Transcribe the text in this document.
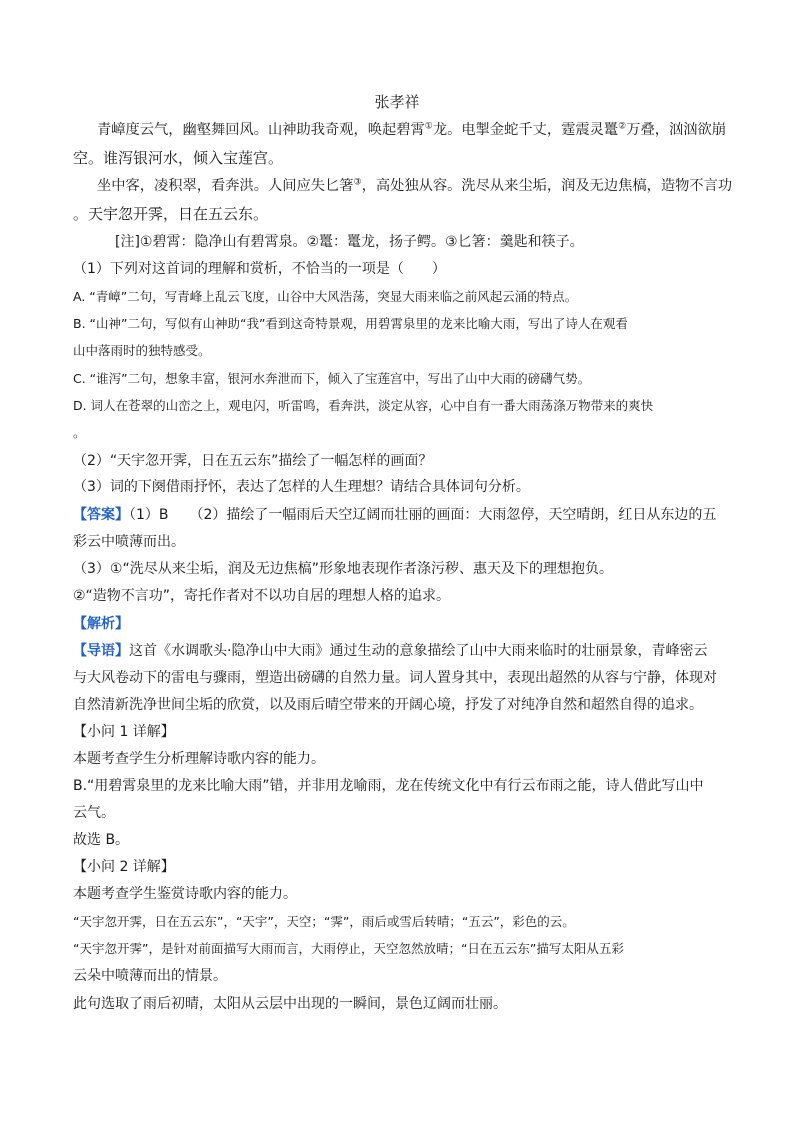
张孝祥
青嶂度云气，幽壑舞回风。山神助我奇观，唤起碧霄①龙。电掣金蛇千丈，霆震灵鼍②万叠，汹汹欲崩
空。谁泻银河水，倾入宝莲宫。
坐中客，凌积翠，看奔洪。人间应失匕箸③，高处独从容。洗尽从来尘垢，润及无边焦槁，造物不言功
。天宇忽开霁，日在五云东。
[注]①碧霄：隐净山有碧霄泉。②鼍：鼍龙，扬子鳄。③匕箸：羹匙和筷子。
（1）下列对这首词的理解和赏析，不恰当的一项是（　　）
A. “青嶂”二句，写青峰上乱云飞度，山谷中大风浩荡，突显大雨来临之前风起云涌的特点。
B. “山神”二句，写似有山神助“我”看到这奇特景观，用碧霄泉里的龙来比喻大雨，写出了诗人在观看
山中落雨时的独特感受。
C. “谁泻”二句，想象丰富，银河水奔泄而下，倾入了宝莲宫中，写出了山中大雨的磅礴气势。
D. 词人在苍翠的山峦之上，观电闪，听雷鸣，看奔洪，淡定从容，心中自有一番大雨荡涤万物带来的爽快
。
（2）“天宇忽开霁，日在五云东”描绘了一幅怎样的画面？
（3）词的下阕借雨抒怀，表达了怎样的人生理想？请结合具体词句分析。
【答案】（1）B　　（2）描绘了一幅雨后天空辽阔而壮丽的画面：大雨忽停，天空晴朗，红日从东边的五
彩云中喷薄而出。
（3）①“洗尽从来尘垢，润及无边焦槁”形象地表现作者涤污秽、惠天及下的理想抱负。
②“造物不言功”，寄托作者对不以功自居的理想人格的追求。
【解析】
【导语】这首《水调歌头·隐净山中大雨》通过生动的意象描绘了山中大雨来临时的壮丽景象，青峰密云
与大风卷动下的雷电与骤雨，塑造出磅礴的自然力量。词人置身其中，表现出超然的从容与宁静，体现对
自然清新洗净世间尘垢的欣赏，以及雨后晴空带来的开阔心境，抒发了对纯净自然和超然自得的追求。
【小问 1 详解】
本题考查学生分析理解诗歌内容的能力。
B.“用碧霄泉里的龙来比喻大雨”错，并非用龙喻雨，龙在传统文化中有行云布雨之能，诗人借此写山中
云气。
故选 B。
【小问 2 详解】
本题考查学生鉴赏诗歌内容的能力。
“天宇忽开霁，日在五云东”，“天宇”，天空；“霁”，雨后或雪后转晴；“五云”，彩色的云。
“天宇忽开霁”，是针对前面描写大雨而言，大雨停止，天空忽然放晴；“日在五云东”描写太阳从五彩
云朵中喷薄而出的情景。
此句选取了雨后初晴，太阳从云层中出现的一瞬间，景色辽阔而壮丽。
